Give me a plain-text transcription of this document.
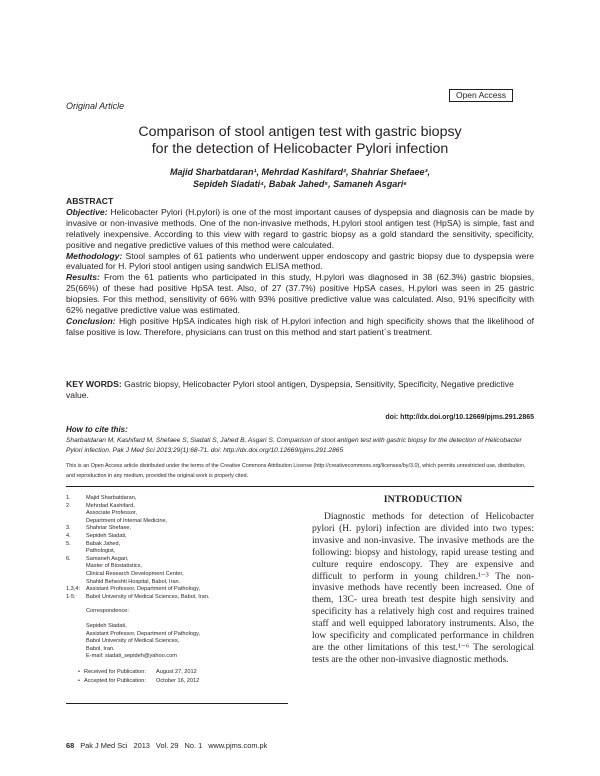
Open Access
Original Article
Comparison of stool antigen test with gastric biopsy
for the detection of Helicobacter Pylori infection
Majid Sharbatdaran¹, Mehrdad Kashifard², Shahriar Shefaee³,
Sepideh Siadati⁴, Babak Jahed⁵, Samaneh Asgari⁶
ABSTRACT

Objective: Helicobacter Pylori (H.pylori) is one of the most important causes of dyspepsia and diagnosis can be made by invasive or non-invasive methods. One of the non-invasive methods, H.pylori stool antigen test (HpSA) is simple, fast and relatively inexpensive. According to this view with regard to gastric biopsy as a gold standard the sensitivity, specificity, positive and negative predictive values of this method were calculated.

Methodology: Stool samples of 61 patients who underwent upper endoscopy and gastric biopsy due to dyspepsia were evaluated for H. Pylori stool antigen using sandwich ELISA method.

Results: From the 61 patients who participated in this study, H.pylori was diagnosed in 38 (62.3%) gastric biopsies, 25(66%) of these had positive HpSA test. Also, of 27 (37.7%) positive HpSA cases, H.pylori was seen in 25 gastric biopsies. For this method, sensitivity of 66% with 93% positive predictive value was calculated. Also, 91% specificity with 62% negative predictive value was estimated.

Conclusion: High positive HpSA indicates high risk of H.pylori infection and high specificity shows that the likelihood of false positive is low. Therefore, physicians can trust on this method and start patient´s treatment.

KEY WORDS: Gastric biopsy, Helicobacter Pylori stool antigen, Dyspepsia, Sensitivity, Specificity, Negative predictive value.
doi: http://dx.doi.org/10.12669/pjms.291.2865
How to cite this:
Sharbatdaran M, Kashifard M, Shefaee S, Siadati S, Jahed B, Asgari S. Comparison of stool antigen test with gastric biopsy for the detection of Helicobacter Pylori infection. Pak J Med Sci 2013;29(1):68-71. doi: http://dx.doi.org/10.12669/pjms.291.2865
This is an Open Access article distributed under the terms of the Creative Commons Attribution License (http://creativecommons.org/licenses/by/3.0), which permits unrestricted use, distribution, and reproduction in any medium, provided the original work is properly cited.
1.	Majid Sharbatdaran,
2.	Mehrdad Kashifard,
Associate Professor,
Department of Internal Medicine,
3.	Shahriar Shefaee,
4.	Sepideh Siadati,
5.	Babak Jahed,
Pathologist,
6.	Samaneh Asgari,
Master of Biostatistics,
Clinical Research Development Center,
Shahid Beheshti Hospital, Babol, Iran.
1,3,4:	Assistant Professor, Department of Pathology,
1-5:	Babol University of Medical Sciences, Babol, Iran.
Correspondence:
Sepideh Siadati,
Assistant Professor, Department of Pathology,
Babol University of Medical Sciences,
Babol, Iran.
E-mail: siadati_sepideh@yahoo.com
• Received for Publication:	August 27, 2012
• Accepted for Publication:	October 16, 2012
INTRODUCTION
Diagnostic methods for detection of Helicobacter pylori (H. pylori) infection are divided into two types: invasive and non-invasive. The invasive methods are the following: biopsy and histology, rapid urease testing and culture require endoscopy. They are expensive and difficult to perform in young children.¹⁻³ The non-invasive methods have recently been increased. One of them, 13C- urea breath test despite high sensivity and specificity has a relatively high cost and requires trained staff and well equipped laboratory instruments. Also, the low specificity and complicated performance in children are the other limitations of this test.¹⁻⁶ The serological tests are the other non-invasive diagnostic methods.
68 Pak J Med Sci 2013 Vol. 29 No. 1 www.pjms.com.pk
